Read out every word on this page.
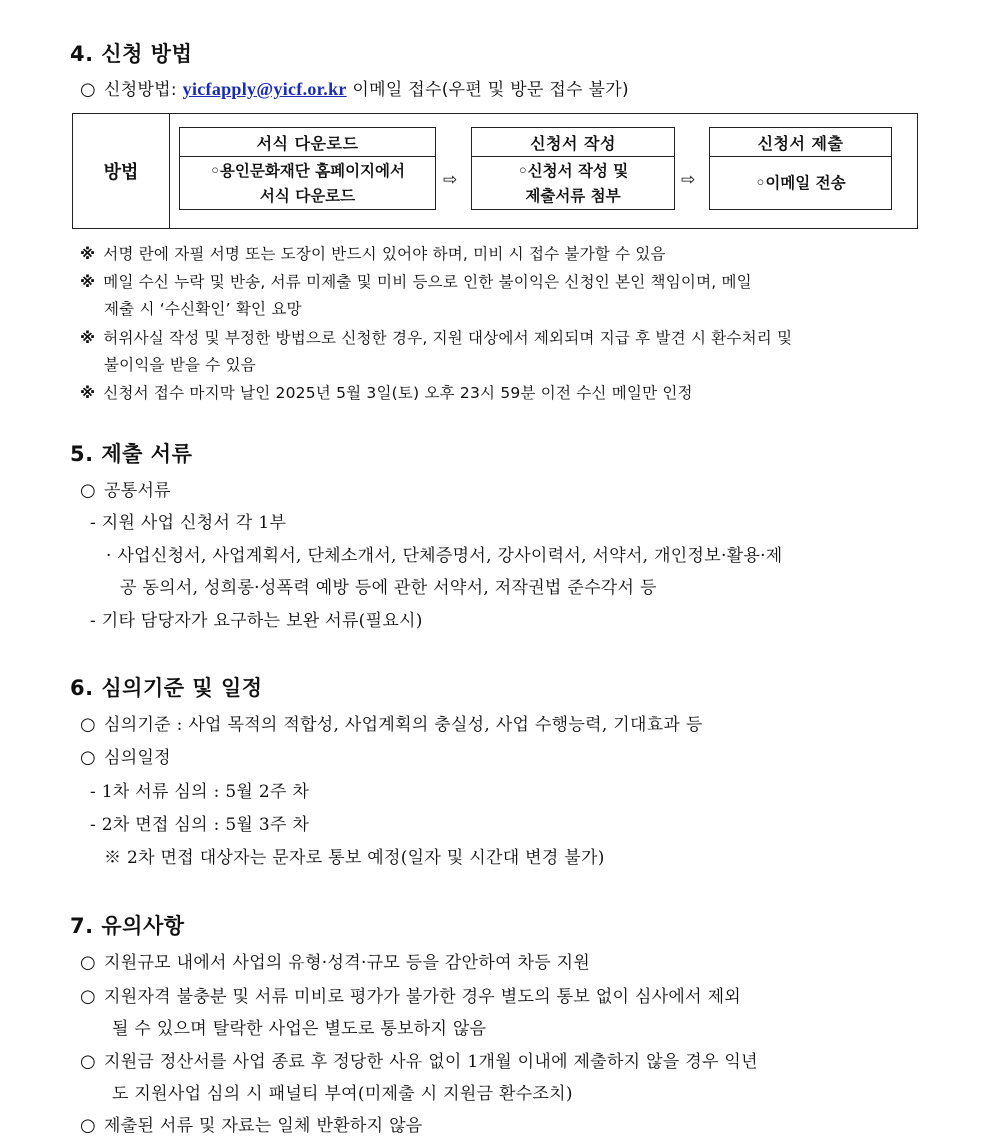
4. 신청 방법
○ 신청방법: yicfapply@yicf.or.kr 이메일 접수(우편 및 방문 접수 불가)
방법
서식 다운로드
◦용인문화재단 홈페이지에서
서식 다운로드
신청서 작성
◦신청서 작성 및
제출서류 첨부
신청서 제출
◦이메일 전송
⇨	⇨
※ 서명 란에 자필 서명 또는 도장이 반드시 있어야 하며, 미비 시 접수 불가할 수 있음
※ 메일 수신 누락 및 반송, 서류 미제출 및 미비 등으로 인한 불이익은 신청인 본인 책임이며, 메일
제출 시 ‘수신확인’ 확인 요망
※ 허위사실 작성 및 부정한 방법으로 신청한 경우, 지원 대상에서 제외되며 지급 후 발견 시 환수처리 및
불이익을 받을 수 있음
※ 신청서 접수 마지막 날인 2025년 5월 3일(토) 오후 23시 59분 이전 수신 메일만 인정
5. 제출 서류
○ 공통서류
- 지원 사업 신청서 각 1부
· 사업신청서, 사업계획서, 단체소개서, 단체증명서, 강사이력서, 서약서, 개인정보·활용·제
공 동의서, 성희롱·성폭력 예방 등에 관한 서약서, 저작권법 준수각서 등
- 기타 담당자가 요구하는 보완 서류(필요시)
6. 심의기준 및 일정
○ 심의기준 : 사업 목적의 적합성, 사업계획의 충실성, 사업 수행능력, 기대효과 등
○ 심의일정
- 1차 서류 심의 : 5월 2주 차
- 2차 면접 심의 : 5월 3주 차
※ 2차 면접 대상자는 문자로 통보 예정(일자 및 시간대 변경 불가)
7. 유의사항
○ 지원규모 내에서 사업의 유형·성격·규모 등을 감안하여 차등 지원
○ 지원자격 불충분 및 서류 미비로 평가가 불가한 경우 별도의 통보 없이 심사에서 제외
될 수 있으며 탈락한 사업은 별도로 통보하지 않음
○ 지원금 정산서를 사업 종료 후 정당한 사유 없이 1개월 이내에 제출하지 않을 경우 익년
도 지원사업 심의 시 패널티 부여(미제출 시 지원금 환수조치)
○ 제출된 서류 및 자료는 일체 반환하지 않음
